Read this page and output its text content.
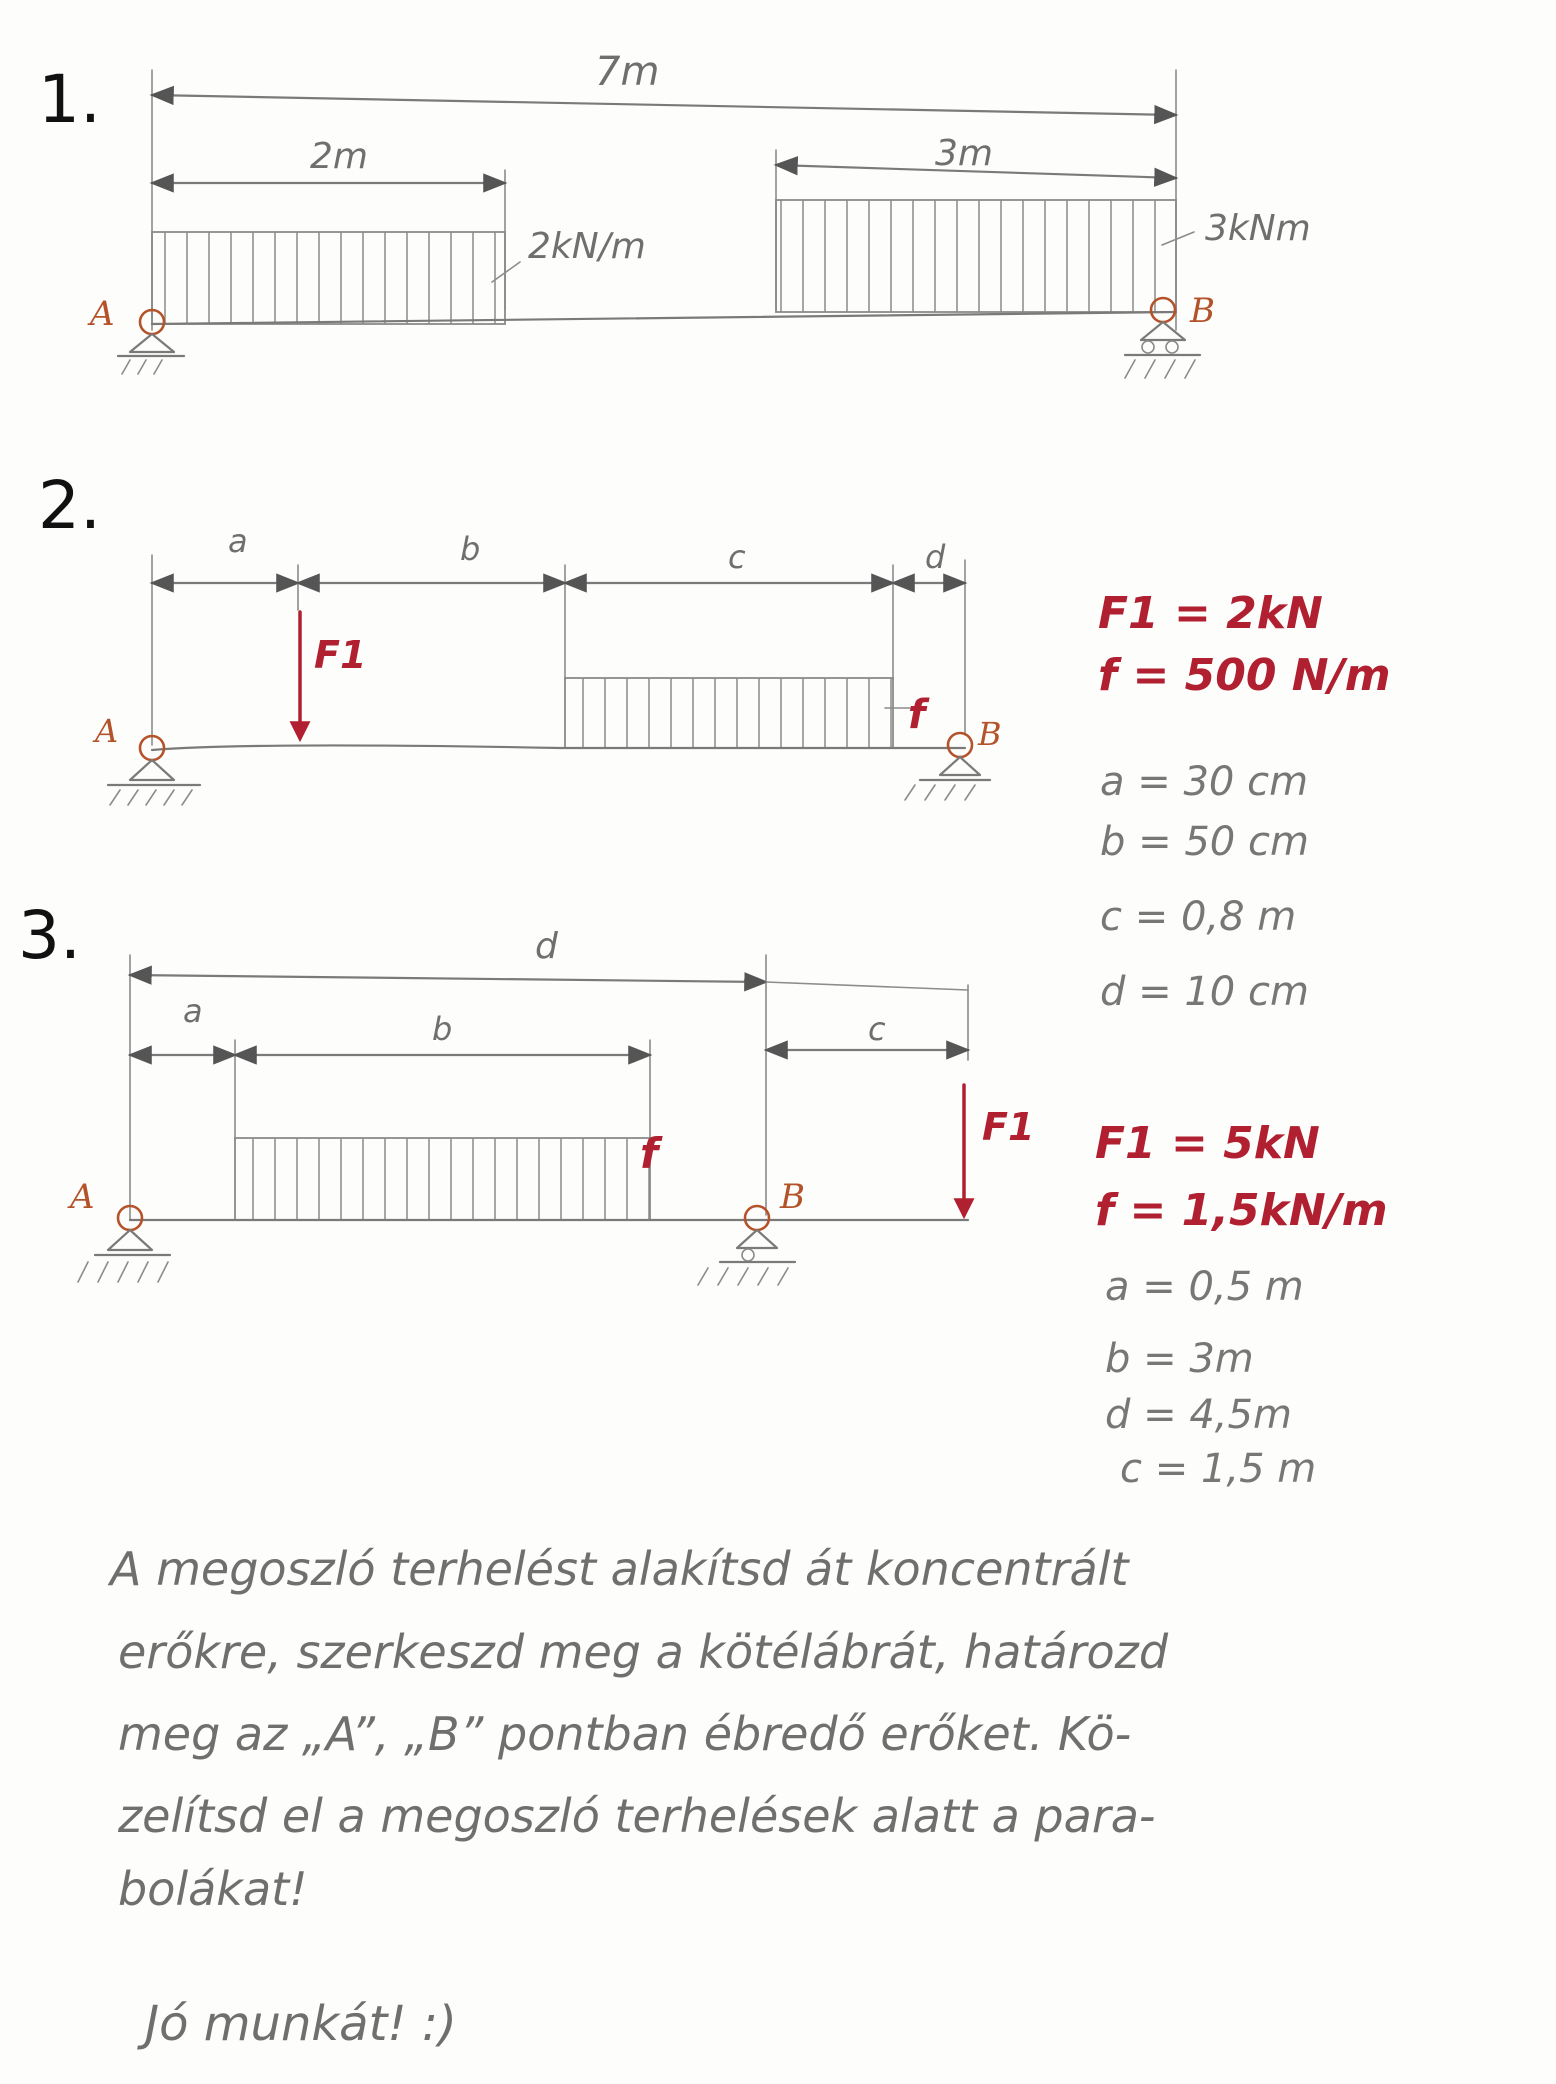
1.	7m
2m	3m
2kN/m	3kNm
A	B
2.	a	b	c	d
F1
f
A	B
F1 = 2kN
f = 500 N/m
a = 30 cm
b = 50 cm
c = 0,8 m
d = 10 cm
3.	d
a	b	c
f
F1
A	B
F1 = 5kN
f = 1,5kN/m
a = 0,5 m
b = 3m
d = 4,5m
c = 1,5 m
A megoszló terhelést alakítsd át koncentrált
erőkre, szerkeszd meg a kötélábrát, határozd
meg az „A”, „B” pontban ébredő erőket. Kö-
zelítsd el a megoszló terhelések alatt a para-
bolákat!
Jó munkát! :)
